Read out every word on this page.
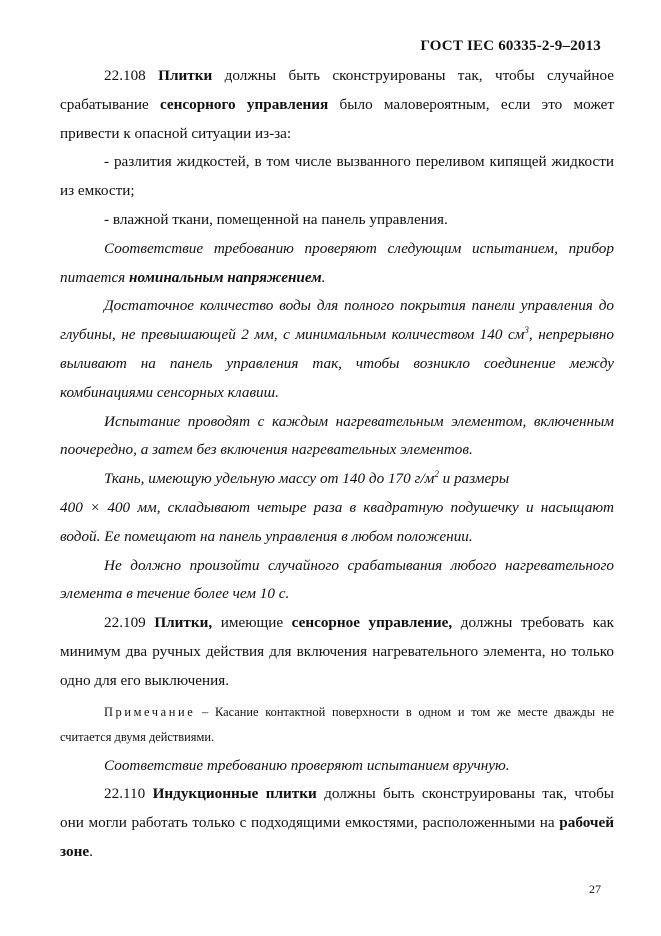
ГОСТ IEC 60335-2-9–2013

22.108 Плитки должны быть сконструированы так, чтобы случайное срабатывание сенсорного управления было маловероятным, если это может привести к опасной ситуации из-за:

- разлития жидкостей, в том числе вызванного переливом кипящей жидкости из емкости;

- влажной ткани, помещенной на панель управления.

Соответствие требованию проверяют следующим испытанием, прибор питается номинальным напряжением.

Достаточное количество воды для полного покрытия панели управления до глубины, не превышающей 2 мм, с минимальным количеством 140 $см^3$, непрерывно выливают на панель управления так, чтобы возникло соединение между комбинациями сенсорных клавиш.

Испытание проводят с каждым нагревательным элементом, включенным поочередно, а затем без включения нагревательных элементов.

Ткань, имеющую удельную массу от 140 до 170 $г/м^2$ и размеры

400 × 400 мм, складывают четыре раза в квадратную подушечку и насыщают водой. Ее помещают на панель управления в любом положении.

Не должно произойти случайного срабатывания любого нагревательного элемента в течение более чем 10 с.

22.109 Плитки, имеющие сенсорное управление, должны требовать как минимум два ручных действия для включения нагревательного элемента, но только одно для его выключения.

Примечание – Касание контактной поверхности в одном и том же месте дважды не считается двумя действиями.

Соответствие требованию проверяют испытанием вручную.

22.110 Индукционные плитки должны быть сконструированы так, чтобы они могли работать только с подходящими емкостями, расположенными на рабочей зоне.

27
